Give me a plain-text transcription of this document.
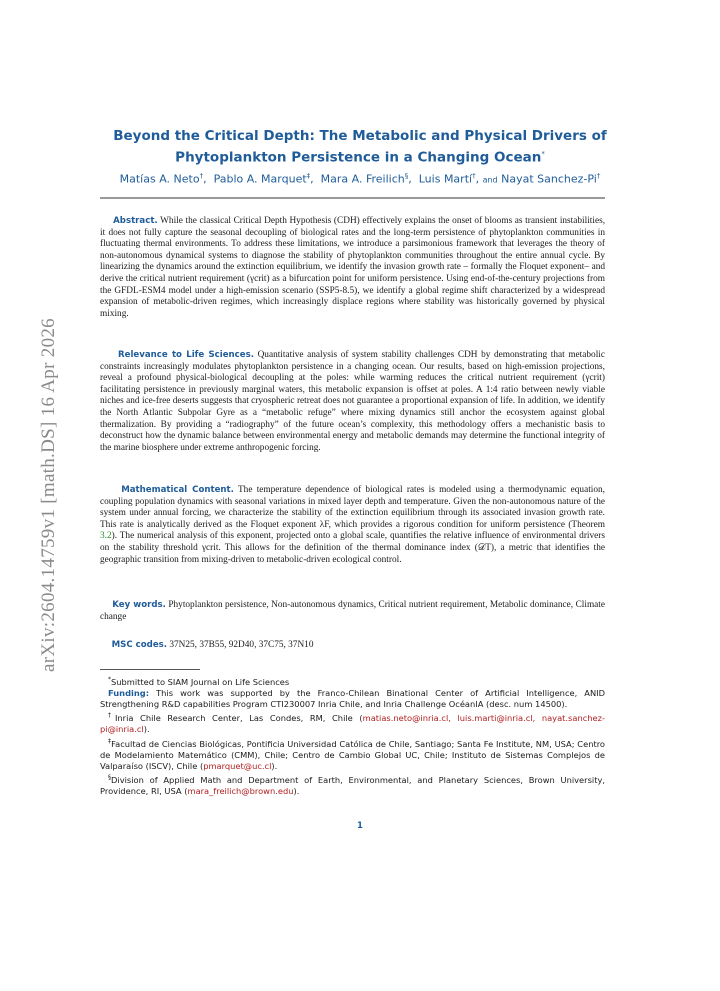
arXiv:2604.14759v1 [math.DS] 16 Apr 2026
Beyond the Critical Depth: The Metabolic and Physical Drivers of
Phytoplankton Persistence in a Changing Ocean*
Matías A. Neto†,  Pablo A. Marquet‡,  Mara A. Freilich§,  Luis Martí†, and Nayat Sanchez-Pi†

Abstract. While the classical Critical Depth Hypothesis (CDH) effectively explains the onset of blooms as transient instabilities, it does not fully capture the seasonal decoupling of biological rates and the long-term persistence of phytoplankton communities in fluctuating thermal environments. To address these limitations, we introduce a parsimonious framework that leverages the theory of non-autonomous dynamical systems to diagnose the stability of phytoplankton communities throughout the entire annual cycle. By linearizing the dynamics around the extinction equilibrium, we identify the invasion growth rate – formally the Floquet exponent– and derive the critical nutrient requirement (γcrit) as a bifurcation point for uniform persistence. Using end-of-the-century projections from the GFDL-ESM4 model under a high-emission scenario (SSP5-8.5), we identify a global regime shift characterized by a widespread expansion of metabolic-driven regimes, which increasingly displace regions where stability was historically governed by physical mixing.

Relevance to Life Sciences. Quantitative analysis of system stability challenges CDH by demonstrating that metabolic constraints increasingly modulates phytoplankton persistence in a changing ocean. Our results, based on high-emission projections, reveal a profound physical-biological decoupling at the poles: while warming reduces the critical nutrient requirement (γcrit) facilitating persistence in previously marginal waters, this metabolic expansion is offset at poles. A 1:4 ratio between newly viable niches and ice-free deserts suggests that cryospheric retreat does not guarantee a proportional expansion of life. In addition, we identify the North Atlantic Subpolar Gyre as a “metabolic refuge” where mixing dynamics still anchor the ecosystem against global thermalization. By providing a “radiography” of the future ocean’s complexity, this methodology offers a mechanistic basis to deconstruct how the dynamic balance between environmental energy and metabolic demands may determine the functional integrity of the marine biosphere under extreme anthropogenic forcing.

Mathematical Content. The temperature dependence of biological rates is modeled using a thermodynamic equation, coupling population dynamics with seasonal variations in mixed layer depth and temperature. Given the non-autonomous nature of the system under annual forcing, we characterize the stability of the extinction equilibrium through its associated invasion growth rate. This rate is analytically derived as the Floquet exponent λF, which provides a rigorous condition for uniform persistence (Theorem 3.2). The numerical analysis of this exponent, projected onto a global scale, quantifies the relative influence of environmental drivers on the stability threshold γcrit. This allows for the definition of the thermal dominance index (𝒟T), a metric that identifies the geographic transition from mixing-driven to metabolic-driven ecological control.

Key words. Phytoplankton persistence, Non-autonomous dynamics, Critical nutrient requirement, Metabolic dominance, Climate change

MSC codes. 37N25, 37B55, 92D40, 37C75, 37N10

*Submitted to SIAM Journal on Life Sciences
Funding: This work was supported by the Franco-Chilean Binational Center of Artificial Intelligence, ANID Strengthening R&D capabilities Program CTI230007 Inria Chile, and Inria Challenge OcéanIA (desc. num 14500).
†Inria Chile Research Center, Las Condes, RM, Chile (matias.neto@inria.cl, luis.marti@inria.cl, nayat.sanchez-pi@inria.cl).
‡Facultad de Ciencias Biológicas, Pontificia Universidad Católica de Chile, Santiago; Santa Fe Institute, NM, USA; Centro de Modelamiento Matemático (CMM), Chile; Centro de Cambio Global UC, Chile; Instituto de Sistemas Complejos de Valparaíso (ISCV), Chile (pmarquet@uc.cl).
§Division of Applied Math and Department of Earth, Environmental, and Planetary Sciences, Brown University, Providence, RI, USA (mara_freilich@brown.edu).
1
